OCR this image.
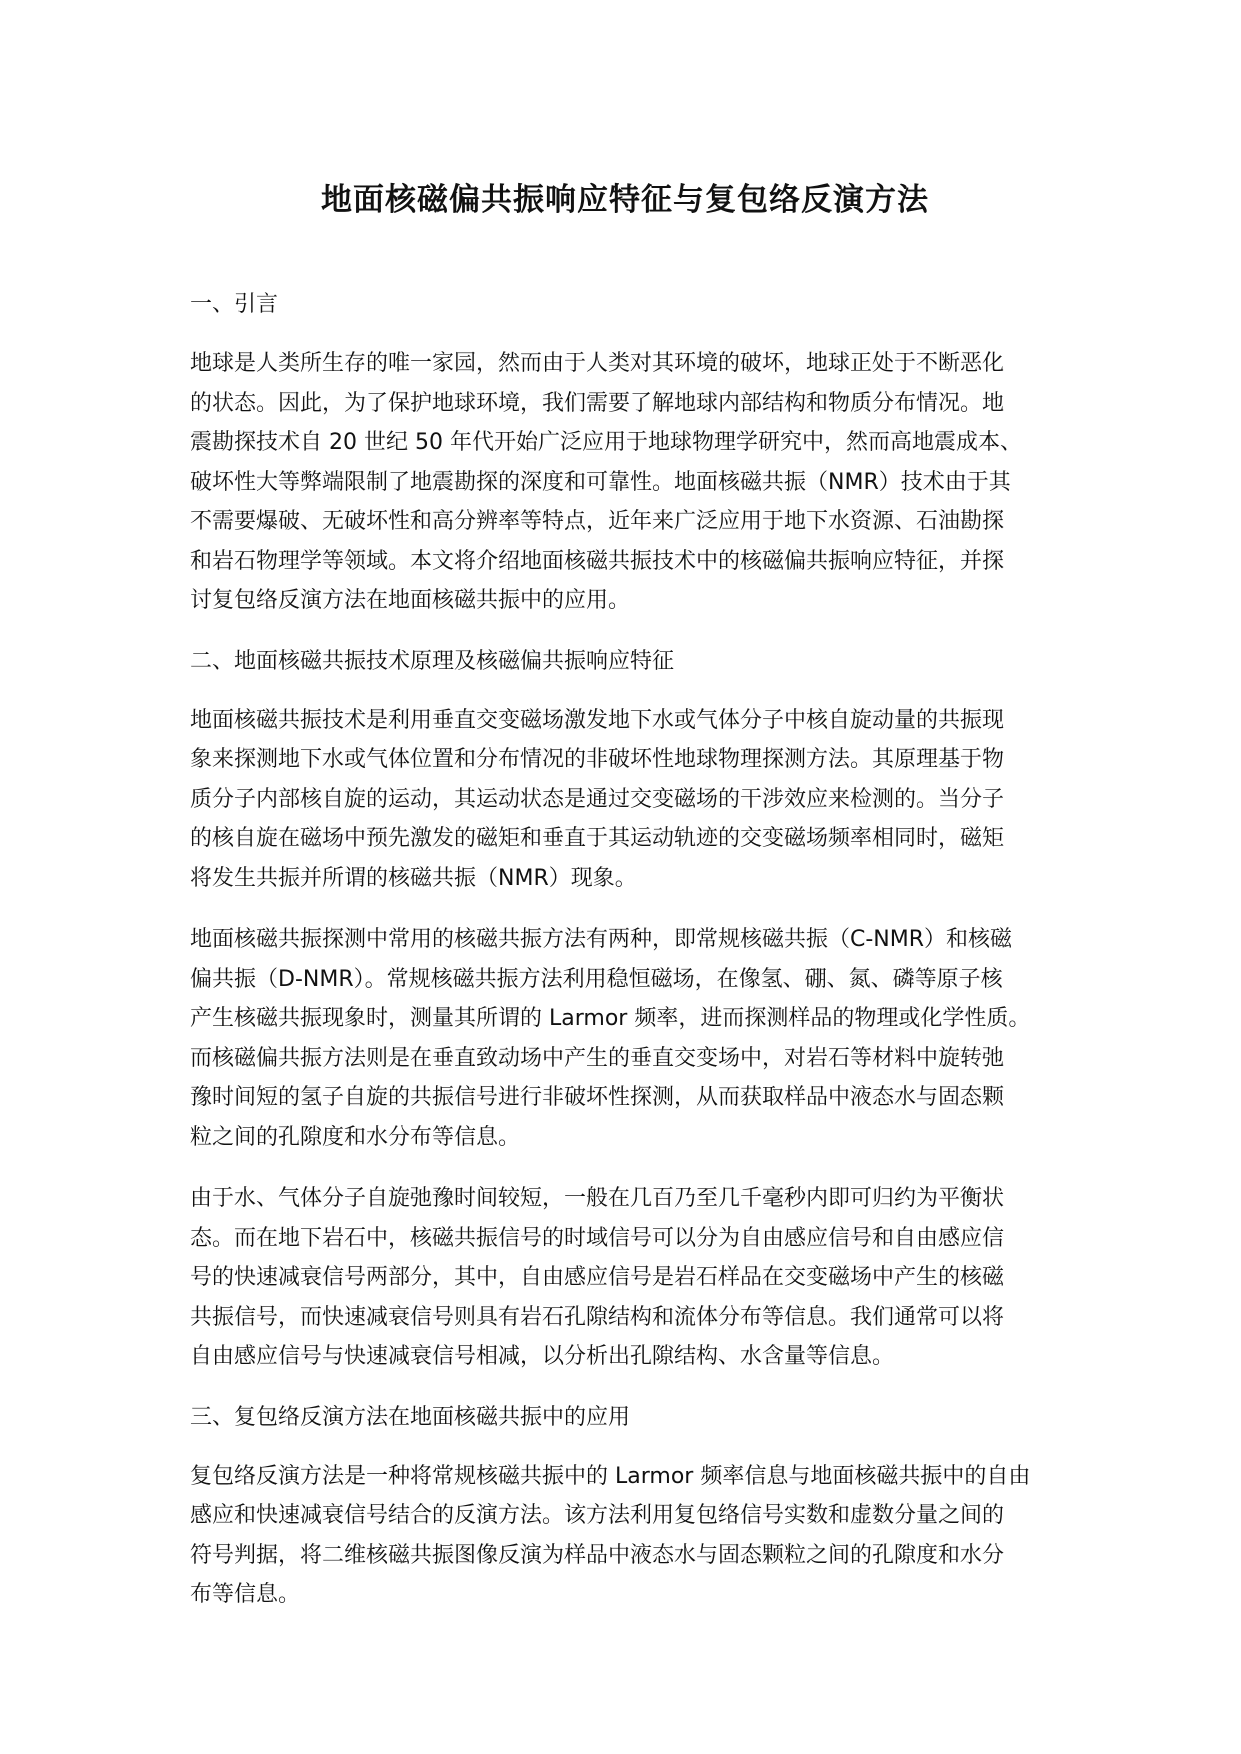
地面核磁偏共振响应特征与复包络反演方法
一、引言
地球是人类所生存的唯一家园，然而由于人类对其环境的破坏，地球正处于不断恶化
的状态。因此，为了保护地球环境，我们需要了解地球内部结构和物质分布情况。地
震勘探技术自 20 世纪 50 年代开始广泛应用于地球物理学研究中，然而高地震成本、
破坏性大等弊端限制了地震勘探的深度和可靠性。地面核磁共振（NMR）技术由于其
不需要爆破、无破坏性和高分辨率等特点，近年来广泛应用于地下水资源、石油勘探
和岩石物理学等领域。本文将介绍地面核磁共振技术中的核磁偏共振响应特征，并探
讨复包络反演方法在地面核磁共振中的应用。
二、地面核磁共振技术原理及核磁偏共振响应特征
地面核磁共振技术是利用垂直交变磁场激发地下水或气体分子中核自旋动量的共振现
象来探测地下水或气体位置和分布情况的非破坏性地球物理探测方法。其原理基于物
质分子内部核自旋的运动，其运动状态是通过交变磁场的干涉效应来检测的。当分子
的核自旋在磁场中预先激发的磁矩和垂直于其运动轨迹的交变磁场频率相同时，磁矩
将发生共振并所谓的核磁共振（NMR）现象。
地面核磁共振探测中常用的核磁共振方法有两种，即常规核磁共振（C-NMR）和核磁
偏共振（D-NMR）。常规核磁共振方法利用稳恒磁场，在像氢、硼、氮、磷等原子核
产生核磁共振现象时，测量其所谓的 Larmor 频率，进而探测样品的物理或化学性质。
而核磁偏共振方法则是在垂直致动场中产生的垂直交变场中，对岩石等材料中旋转弛
豫时间短的氢子自旋的共振信号进行非破坏性探测，从而获取样品中液态水与固态颗
粒之间的孔隙度和水分布等信息。
由于水、气体分子自旋弛豫时间较短，一般在几百乃至几千毫秒内即可归约为平衡状
态。而在地下岩石中，核磁共振信号的时域信号可以分为自由感应信号和自由感应信
号的快速减衰信号两部分，其中，自由感应信号是岩石样品在交变磁场中产生的核磁
共振信号，而快速减衰信号则具有岩石孔隙结构和流体分布等信息。我们通常可以将
自由感应信号与快速减衰信号相减，以分析出孔隙结构、水含量等信息。
三、复包络反演方法在地面核磁共振中的应用
复包络反演方法是一种将常规核磁共振中的 Larmor 频率信息与地面核磁共振中的自由
感应和快速减衰信号结合的反演方法。该方法利用复包络信号实数和虚数分量之间的
符号判据，将二维核磁共振图像反演为样品中液态水与固态颗粒之间的孔隙度和水分
布等信息。
